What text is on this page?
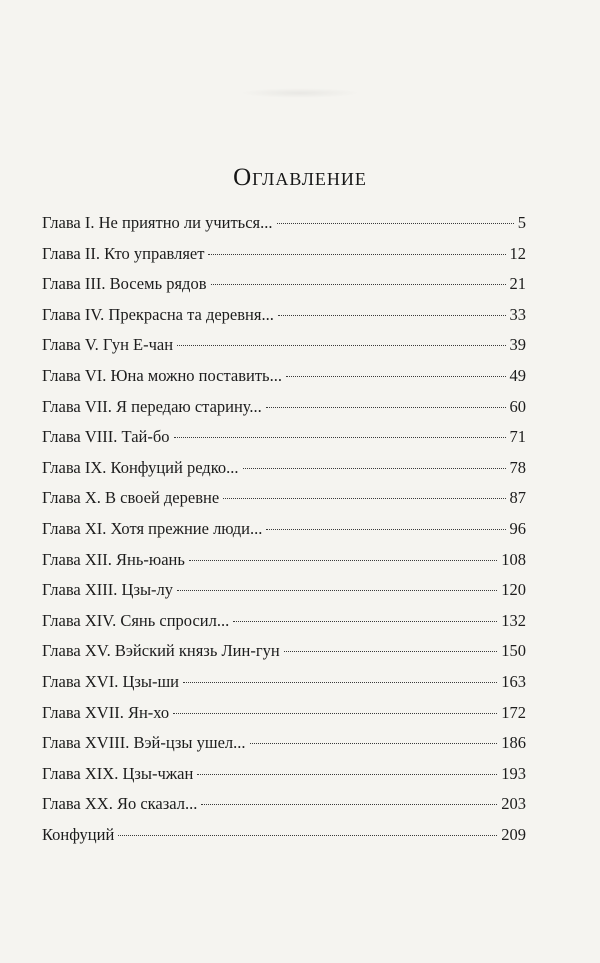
Оглавление
Глава I. Не приятно ли учиться...	5
Глава II. Кто управляет	12
Глава III. Восемь рядов	21
Глава IV. Прекрасна та деревня...	33
Глава V. Гун Е-чан	39
Глава VI. Юна можно поставить...	49
Глава VII. Я передаю старину...	60
Глава VIII. Тай-бо	71
Глава IX. Конфуций редко...	78
Глава X. В своей деревне	87
Глава XI. Хотя прежние люди...	96
Глава XII. Янь-юань	108
Глава XIII. Цзы-лу	120
Глава XIV. Сянь спросил...	132
Глава XV. Вэйский князь Лин-гун	150
Глава XVI. Цзы-ши	163
Глава XVII. Ян-хо	172
Глава XVIII. Вэй-цзы ушел...	186
Глава XIX. Цзы-чжан	193
Глава XX. Яо сказал...	203
Конфуций	209
